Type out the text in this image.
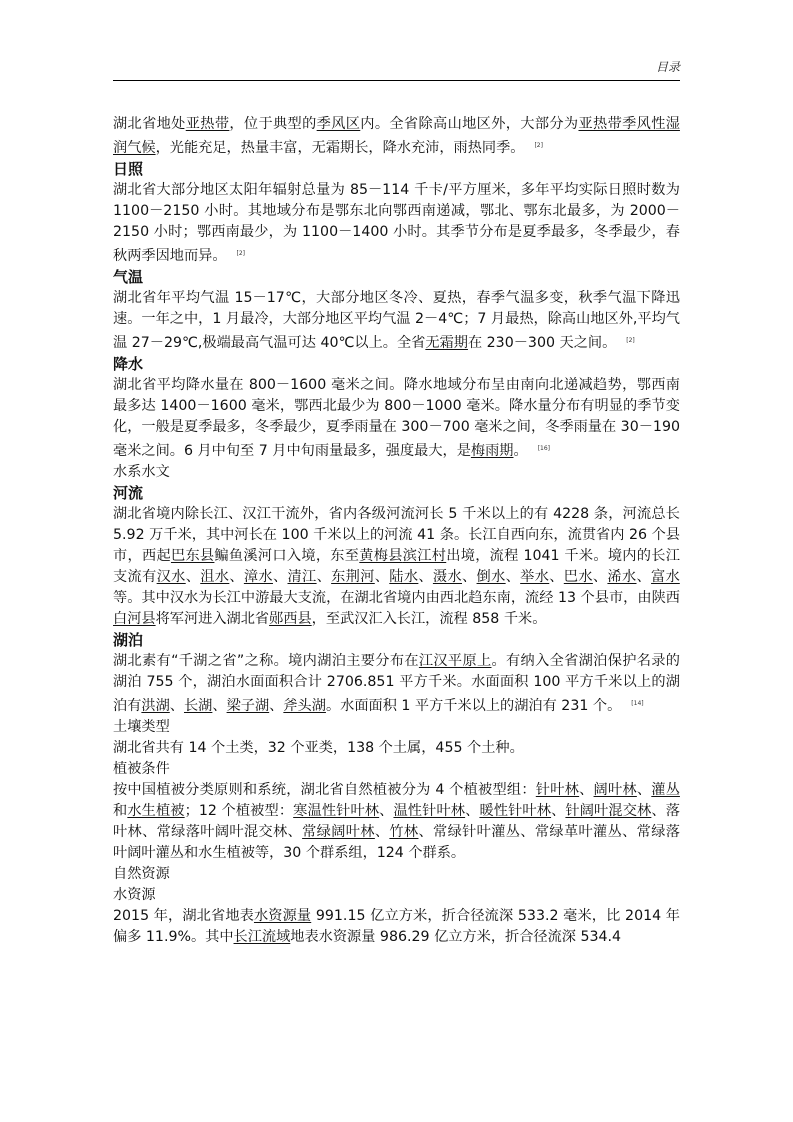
目录

湖北省地处亚热带，位于典型的季风区内。全省除高山地区外，大部分为亚热带季风性湿润气候，光能充足，热量丰富，无霜期长，降水充沛，雨热同季。 [2]

日照

湖北省大部分地区太阳年辐射总量为 85－114 千卡/平方厘米，多年平均实际日照时数为 1100－2150 小时。其地域分布是鄂东北向鄂西南递减，鄂北、鄂东北最多，为 2000－2150 小时；鄂西南最少，为 1100－1400 小时。其季节分布是夏季最多，冬季最少，春秋两季因地而异。 [2]

气温

湖北省年平均气温 15－17℃，大部分地区冬冷、夏热，春季气温多变，秋季气温下降迅速。一年之中，1 月最冷，大部分地区平均气温 2－4℃；7 月最热，除高山地区外,平均气温 27－29℃,极端最高气温可达 40℃以上。全省无霜期在 230－300 天之间。 [2]

降水

湖北省平均降水量在 800－1600 毫米之间。降水地域分布呈由南向北递减趋势，鄂西南最多达 1400－1600 毫米，鄂西北最少为 800－1000 毫米。降水量分布有明显的季节变化，一般是夏季最多，冬季最少，夏季雨量在 300－700 毫米之间，冬季雨量在 30－190 毫米之间。6 月中旬至 7 月中旬雨量最多，强度最大，是梅雨期。 [16]

水系水文

河流

湖北省境内除长江、汉江干流外，省内各级河流河长 5 千米以上的有 4228 条，河流总长 5.92 万千米，其中河长在 100 千米以上的河流 41 条。长江自西向东，流贯省内 26 个县市，西起巴东县鳊鱼溪河口入境，东至黄梅县滨江村出境，流程 1041 千米。境内的长江支流有汉水、沮水、漳水、清江、东荆河、陆水、滠水、倒水、举水、巴水、浠水、富水等。其中汉水为长江中游最大支流，在湖北省境内由西北趋东南，流经 13 个县市，由陕西白河县将军河进入湖北省郧西县，至武汉汇入长江，流程 858 千米。

湖泊

湖北素有“千湖之省”之称。境内湖泊主要分布在江汉平原上。有纳入全省湖泊保护名录的湖泊 755 个，湖泊水面面积合计 2706.851 平方千米。水面面积 100 平方千米以上的湖泊有洪湖、长湖、梁子湖、斧头湖。水面面积 1 平方千米以上的湖泊有 231 个。 [14]

土壤类型

湖北省共有 14 个土类，32 个亚类，138 个土属，455 个土种。

植被条件

按中国植被分类原则和系统，湖北省自然植被分为 4 个植被型组：针叶林、阔叶林、灌丛和水生植被；12 个植被型：寒温性针叶林、温性针叶林、暖性针叶林、针阔叶混交林、落叶林、常绿落叶阔叶混交林、常绿阔叶林、竹林、常绿针叶灌丛、常绿革叶灌丛、常绿落叶阔叶灌丛和水生植被等，30 个群系组，124 个群系。

自然资源

水资源

2015 年，湖北省地表水资源量 991.15 亿立方米，折合径流深 533.2 毫米，比 2014 年偏多 11.9%。其中长江流域地表水资源量 986.29 亿立方米，折合径流深 534.4
